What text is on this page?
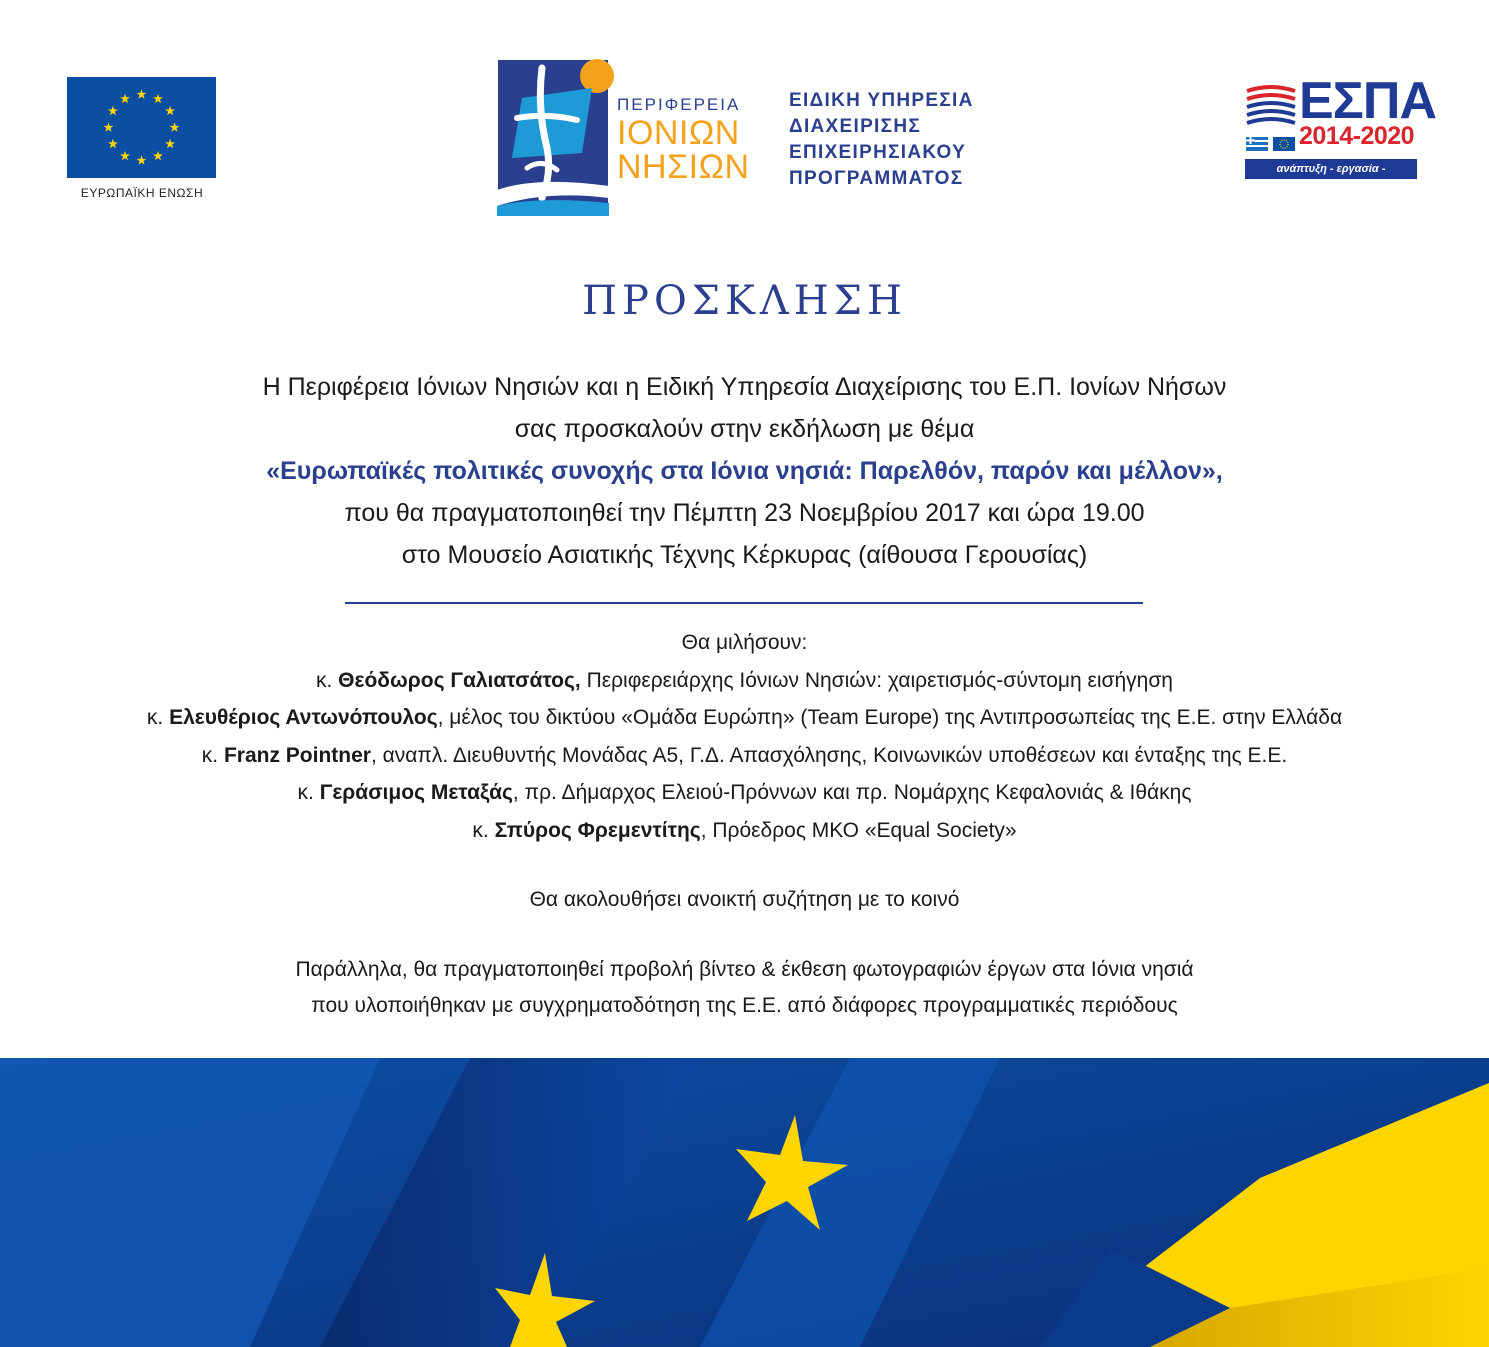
ΕΥΡΩΠΑΪΚΗ ΕΝΩΣΗ
ΠΕΡΙΦΕΡΕΙΑ
ΙΟΝΙΩΝ
ΝΗΣΙΩΝ
ΕΙΔΙΚΗ ΥΠΗΡΕΣΙΑ
ΔΙΑΧΕΙΡΙΣΗΣ
ΕΠΙΧΕΙΡΗΣΙΑΚΟΥ
ΠΡΟΓΡΑΜΜΑΤΟΣ
ΕΣΠΑ
2014-2020
ανάπτυξη - εργασία - αλληλεγγύη
ΠΡΟΣΚΛΗΣΗ
Η Περιφέρεια Ιόνιων Νησιών και η Ειδική Υπηρεσία Διαχείρισης του Ε.Π. Ιονίων Νήσων
σας προσκαλούν στην εκδήλωση με θέμα
«Ευρωπαϊκές πολιτικές συνοχής στα Ιόνια νησιά: Παρελθόν, παρόν και μέλλον»,
που θα πραγματοποιηθεί την Πέμπτη 23 Νοεμβρίου 2017 και ώρα 19.00
στο Μουσείο Ασιατικής Τέχνης Κέρκυρας (αίθουσα Γερουσίας)
Θα μιλήσουν:
κ. Θεόδωρος Γαλιατσάτος, Περιφερειάρχης Ιόνιων Νησιών: χαιρετισμός-σύντομη εισήγηση
κ. Ελευθέριος Αντωνόπουλος, μέλος του δικτύου «Ομάδα Ευρώπη» (Team Europe) της Αντιπροσωπείας της Ε.Ε. στην Ελλάδα
κ. Franz Pointner, αναπλ. Διευθυντής Μονάδας Α5, Γ.Δ. Απασχόλησης, Κοινωνικών υποθέσεων και ένταξης της Ε.Ε.
κ. Γεράσιμος Μεταξάς, πρ. Δήμαρχος Ελειού-Πρόννων και πρ. Νομάρχης Κεφαλονιάς & Ιθάκης
κ. Σπύρος Φρεμεντίτης, Πρόεδρος ΜΚΟ «Equal Society»
Θα ακολουθήσει ανοικτή συζήτηση με το κοινό
Παράλληλα, θα πραγματοποιηθεί προβολή βίντεο & έκθεση φωτογραφιών έργων στα Ιόνια νησιά
που υλοποιήθηκαν με συγχρηματοδότηση της Ε.Ε. από διάφορες προγραμματικές περιόδους
